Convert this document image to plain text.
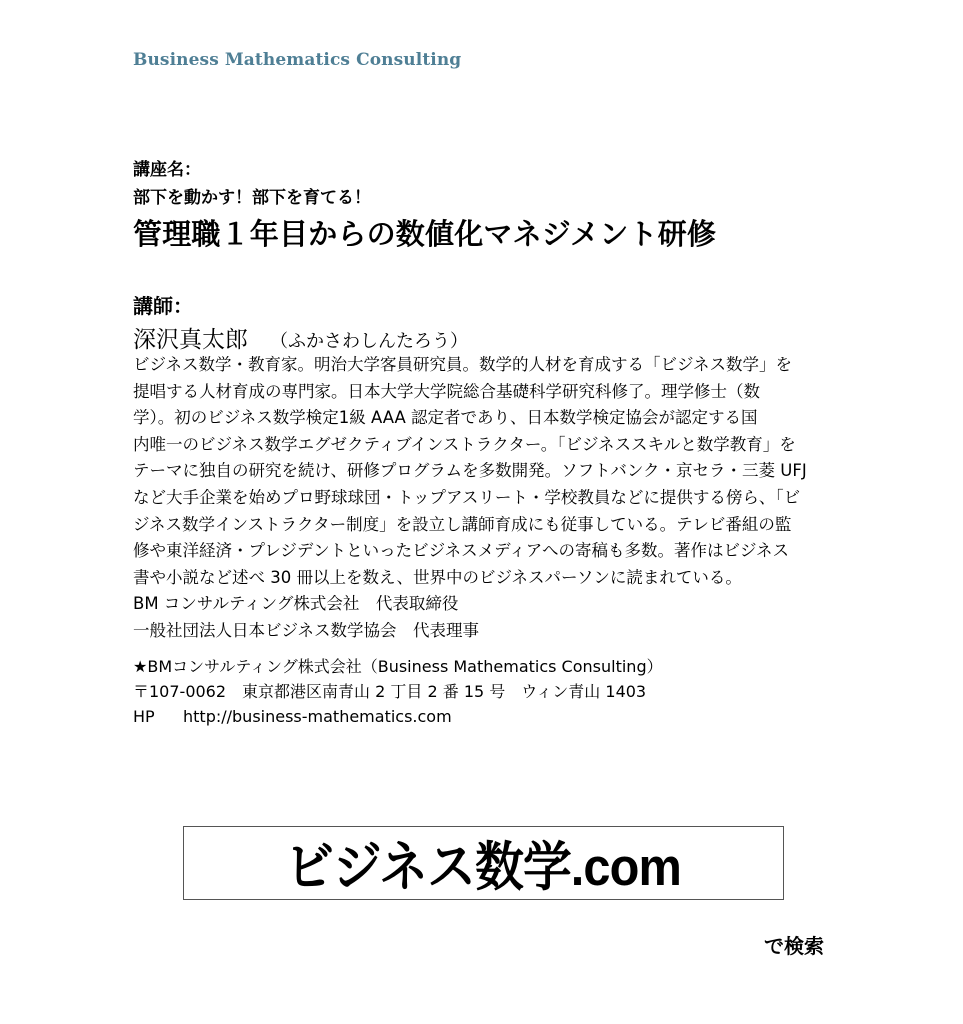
Business Mathematics Consulting
講座名：
部下を動かす！部下を育てる！
管理職１年目からの数値化マネジメント研修
講師：
深沢真太郎 （ふかさわしんたろう）
ビジネス数学・教育家。明治大学客員研究員。数学的人材を育成する「ビジネス数学」を
提唱する人材育成の専門家。日本大学大学院総合基礎科学研究科修了。理学修士（数
学）。初のビジネス数学検定1級 AAA 認定者であり、日本数学検定協会が認定する国
内唯一のビジネス数学エグゼクティブインストラクター。「ビジネススキルと数学教育」を
テーマに独自の研究を続け、研修プログラムを多数開発。ソフトバンク・京セラ・三菱 UFJ
など大手企業を始めプロ野球球団・トップアスリート・学校教員などに提供する傍ら、「ビ
ジネス数学インストラクター制度」を設立し講師育成にも従事している。テレビ番組の監
修や東洋経済・プレジデントといったビジネスメディアへの寄稿も多数。著作はビジネス
書や小説など述べ 30 冊以上を数え、世界中のビジネスパーソンに読まれている。
BM コンサルティング株式会社　代表取締役
一般社団法人日本ビジネス数学協会　代表理事
★BMコンサルティング株式会社（Business Mathematics Consulting）
〒107-0062　東京都港区南青山 2 丁目 2 番 15 号　ウィン青山 1403
HP http://business-mathematics.com
ビジネス数学.com
で検索
